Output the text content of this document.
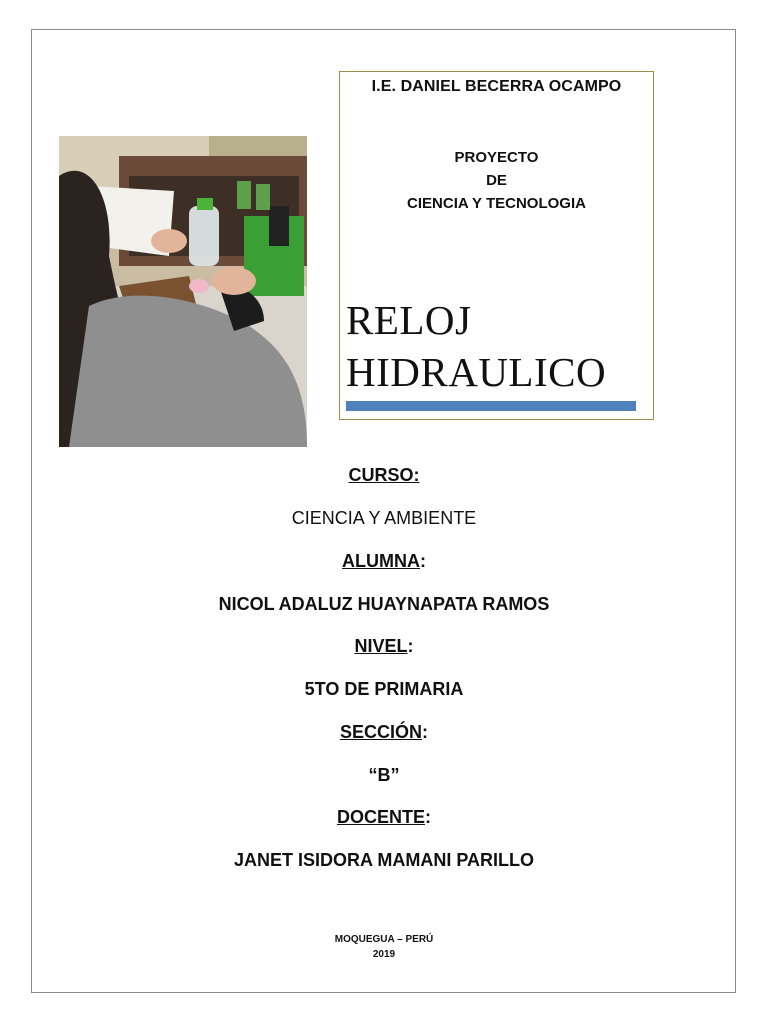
I.E. DANIEL BECERRA OCAMPO
PROYECTO
DE
CIENCIA Y TECNOLOGIA
RELOJ
HIDRAULICO
CURSO:
CIENCIA Y AMBIENTE
ALUMNA:
NICOL ADALUZ HUAYNAPATA RAMOS
NIVEL:
5TO DE PRIMARIA
SECCIÓN:
“B”
DOCENTE:
JANET ISIDORA MAMANI PARILLO
MOQUEGUA – PERÚ
2019
